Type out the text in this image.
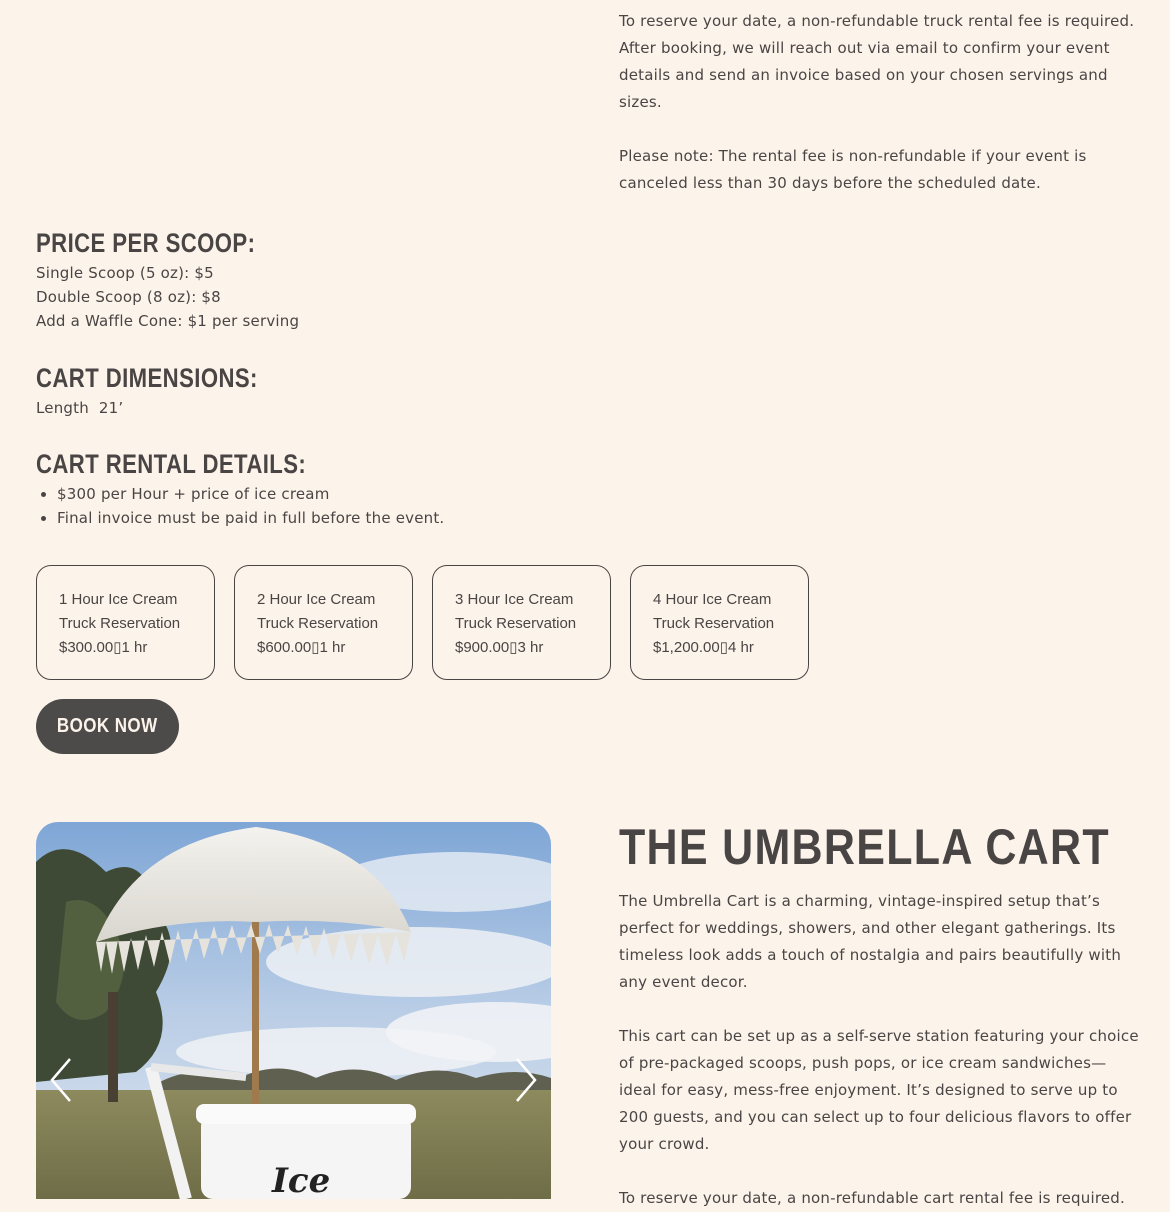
To reserve your date, a non-refundable truck rental fee is required. After booking, we will reach out via email to confirm your event details and send an invoice based on your chosen servings and sizes.

Please note: The rental fee is non-refundable if your event is canceled less than 30 days before the scheduled date.

PRICE PER SCOOP:

Single Scoop (5 oz): $5

Double Scoop (8 oz): $8

Add a Waffle Cone: $1 per serving

CART DIMENSIONS:
Length  21’
CART RENTAL DETAILS:
• $300 per Hour + price of ice cream
• Final invoice must be paid in full before the event.
1 Hour Ice Cream
Truck Reservation
$300.00▯1 hr
2 Hour Ice Cream
Truck Reservation
$600.00▯1 hr
3 Hour Ice Cream
Truck Reservation
$900.00▯3 hr
4 Hour Ice Cream
Truck Reservation
$1,200.00▯4 hr
BOOK NOW
Ice
THE UMBRELLA CART

The Umbrella Cart is a charming, vintage-inspired setup that’s perfect for weddings, showers, and other elegant gatherings. Its timeless look adds a touch of nostalgia and pairs beautifully with any event decor.

This cart can be set up as a self-serve station featuring your choice of pre-packaged scoops, push pops, or ice cream sandwiches—ideal for easy, mess-free enjoyment. It’s designed to serve up to 200 guests, and you can select up to four delicious flavors to offer your crowd.

To reserve your date, a non-refundable cart rental fee is required.
